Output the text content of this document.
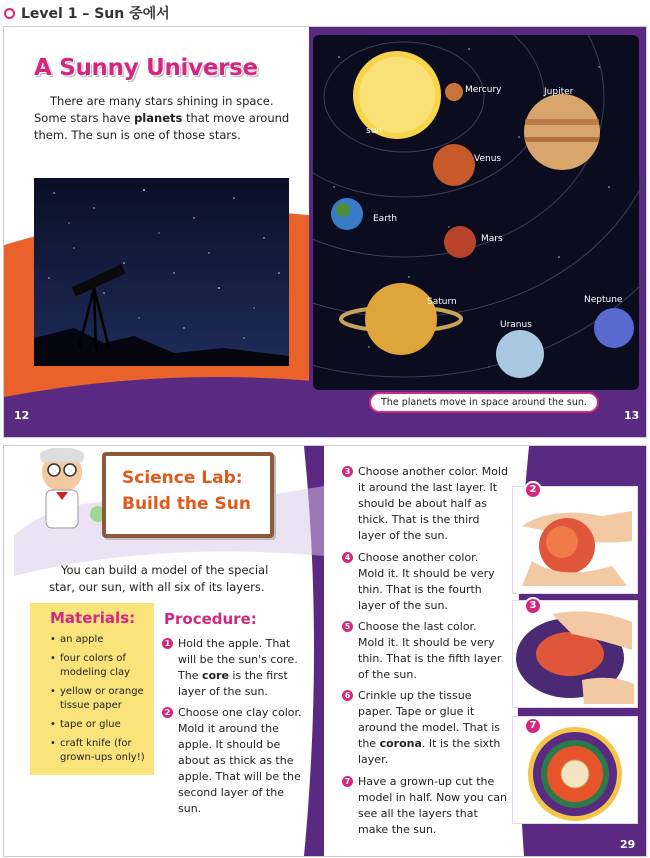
Level 1 – Sun 중에서
A Sunny Universe
There are many stars shining in space.
Some stars have planets that move around
them. The sun is one of those stars.
12
sun
Mercury	Jupiter
Venus
Earth
Mars
Saturn
Uranus
Neptune
The planets move in space around the sun.
13
Science Lab:
Build the Sun
You can build a model of the special
star, our sun, with all six of its layers.
Materials:
• an apple
• four colors of modeling clay
• yellow or orange tissue paper
• tape or glue
• craft knife (for grown-ups only!)
Procedure:
1 Hold the apple. That will be the sun's core. The core is the first layer of the sun.
2 Choose one clay color. Mold it around the apple. It should be about as thick as the apple. That will be the second layer of the sun.
28
3 Choose another color. Mold it around the last layer. It should be about half as thick. That is the third layer of the sun.
4 Choose another color. Mold it. It should be very thin. That is the fourth layer of the sun.
5 Choose the last color. Mold it. It should be very thin. That is the fifth layer of the sun.
6 Crinkle up the tissue paper. Tape or glue it around the model. That is the corona. It is the sixth layer.
7 Have a grown-up cut the model in half. Now you can see all the layers that make the sun.
2
3
7
29
